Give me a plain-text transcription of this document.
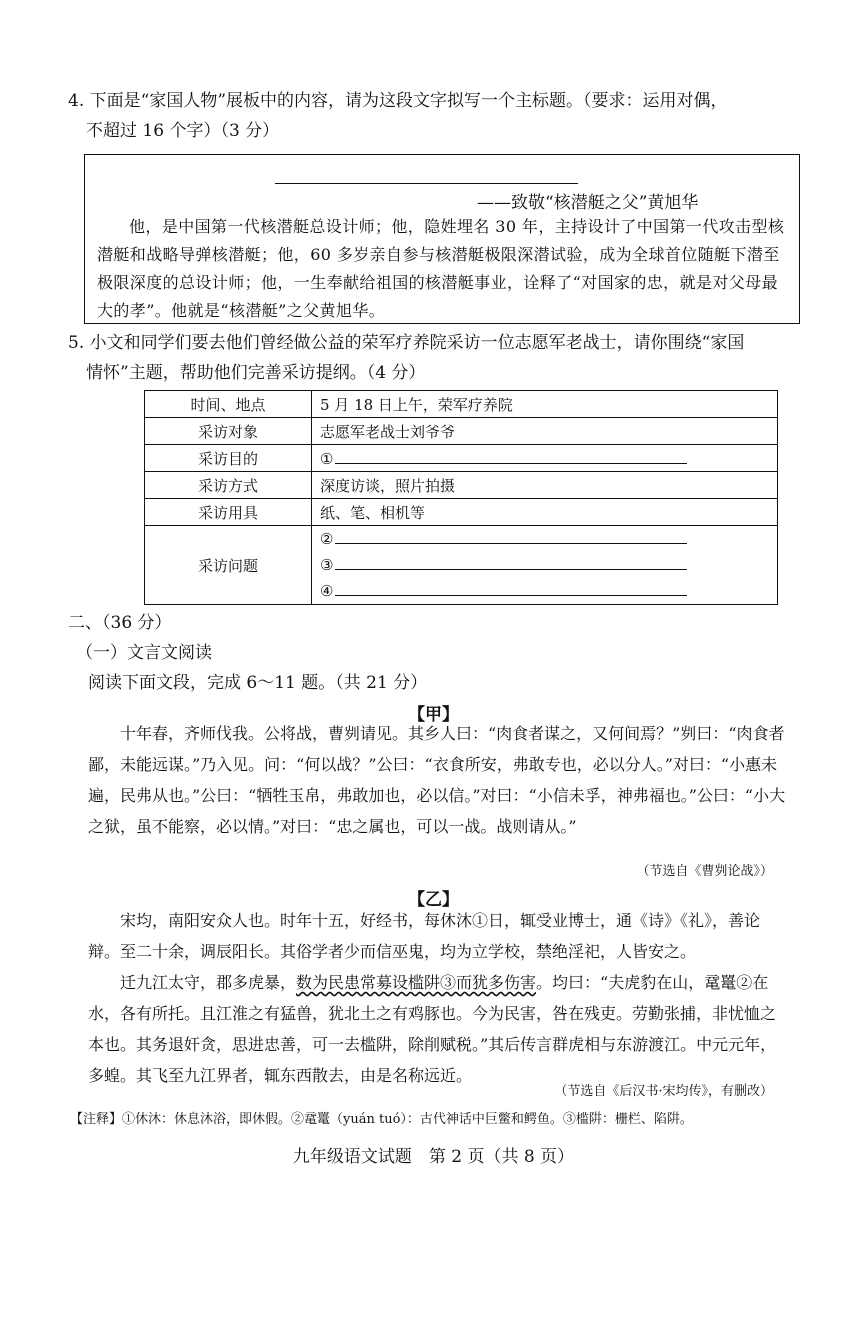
4. 下面是“家国人物”展板中的内容，请为这段文字拟写一个主标题。（要求：运用对偶，
不超过 16 个字）（3 分）
——致敬“核潜艇之父”黄旭华
他，是中国第一代核潜艇总设计师；他，隐姓埋名 30 年，主持设计了中国第一代攻击型核潜艇和战略导弹核潜艇；他，60 多岁亲自参与核潜艇极限深潜试验，成为全球首位随艇下潜至极限深度的总设计师；他，一生奉献给祖国的核潜艇事业，诠释了“对国家的忠，就是对父母最大的孝”。他就是“核潜艇”之父黄旭华。
5. 小文和同学们要去他们曾经做公益的荣军疗养院采访一位志愿军老战士，请你围绕“家国
情怀”主题，帮助他们完善采访提纲。（4 分）
时间、地点	5 月 18 日上午，荣军疗养院
采访对象	志愿军老战士刘爷爷
采访目的	①
采访方式	深度访谈，照片拍摄
采访用具	纸、笔、相机等
采访问题	②
③
④
二、（36 分）
（一）文言文阅读
阅读下面文段，完成 6～11 题。（共 21 分）
【甲】

十年春，齐师伐我。公将战，曹刿请见。其乡人曰：“肉食者谋之，又何间焉？”刿曰：“肉食者鄙，未能远谋。”乃入见。问：“何以战？”公曰：“衣食所安，弗敢专也，必以分人。”对曰：“小惠未遍，民弗从也。”公曰：“牺牲玉帛，弗敢加也，必以信。”对曰：“小信未孚，神弗福也。”公曰：“小大之狱，虽不能察，必以情。”对曰：“忠之属也，可以一战。战则请从。”

（节选自《曹刿论战》）
【乙】

宋均，南阳安众人也。时年十五，好经书，每休沐①日，辄受业博士，通《诗》《礼》，善论辩。至二十余，调辰阳长。其俗学者少而信巫鬼，均为立学校，禁绝淫祀，人皆安之。

迁九江太守，郡多虎暴，数为民患常募设槛阱③而犹多伤害。均曰：“夫虎豹在山，鼋鼍②在水，各有所托。且江淮之有猛兽，犹北土之有鸡豚也。今为民害，咎在残吏。劳勤张捕，非忧恤之本也。其务退奸贪，思进忠善，可一去槛阱，除削赋税。”其后传言群虎相与东游渡江。中元元年，多蝗。其飞至九江界者，辄东西散去，由是名称远近。

（节选自《后汉书·宋均传》，有删改）
【注释】①休沐：休息沐浴，即休假。②鼋鼍（yuán tuó）：古代神话中巨鳖和鳄鱼。③槛阱：栅栏、陷阱。
九年级语文试题　第 2 页（共 8 页）
